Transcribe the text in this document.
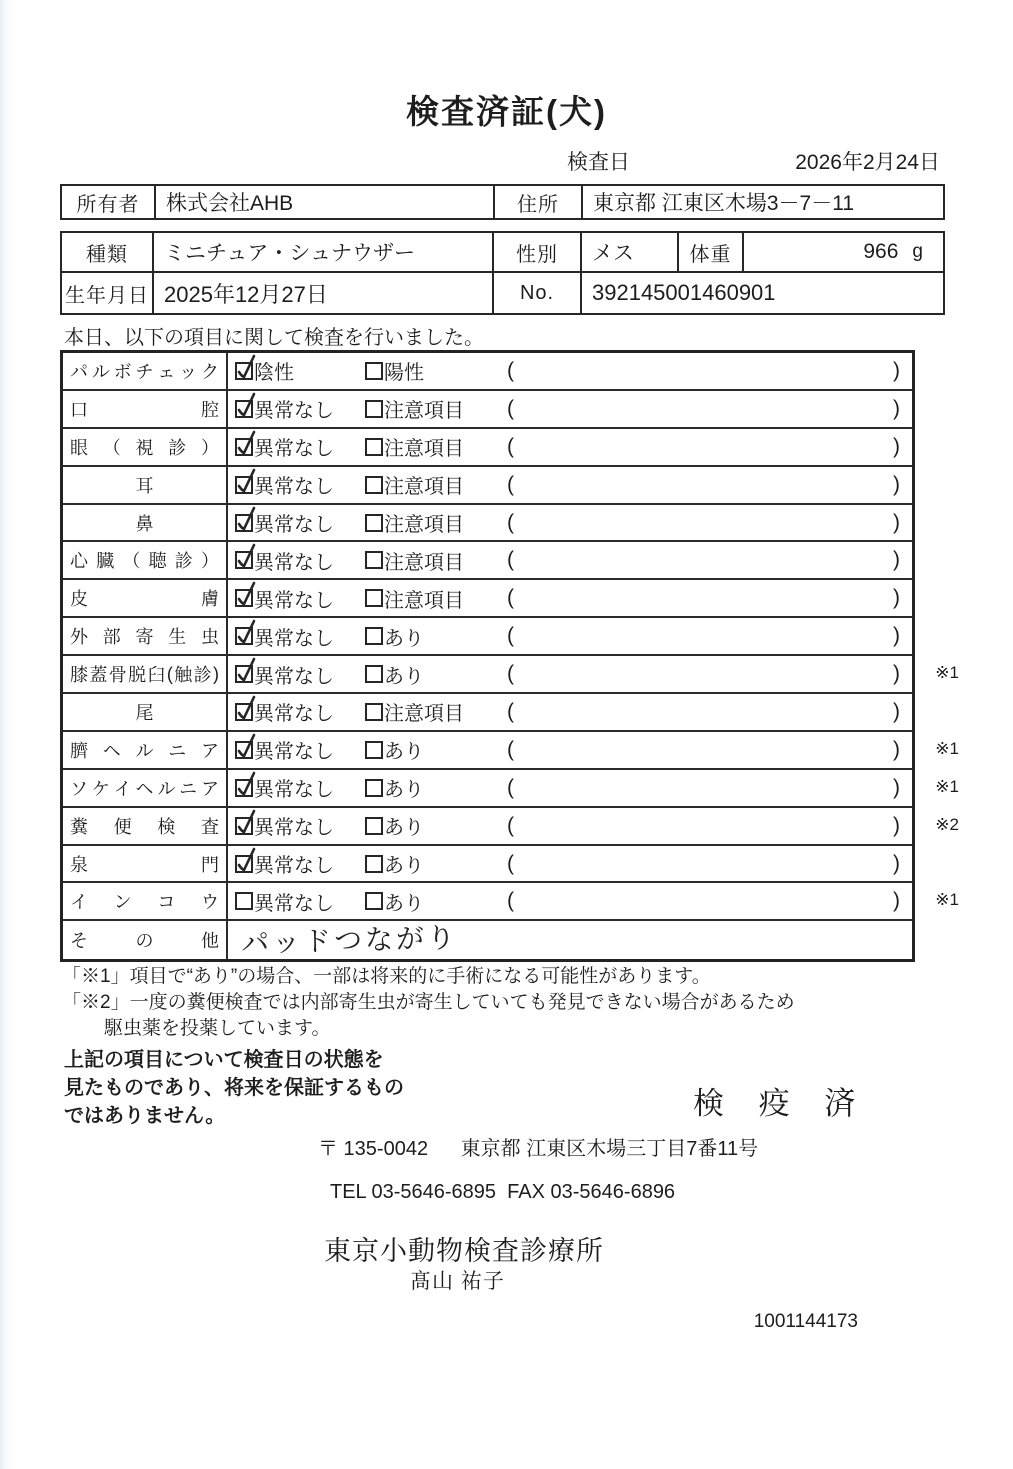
検査済証(犬)
検査日	2026年2月24日
所有者	株式会社AHB	住所	東京都 江東区木場3－7－11
種類	ミニチュア・シュナウザー	性別	メス	体重	966 g
生年月日 2025年12月27日	No.	392145001460901

本日、以下の項目に関して検査を行いました。

パ ル ボ チ ェ ッ ク 陰性	陽性	(	)
口	腔 異常なし	注意項目 (	)
眼 （ 視 診 ） 異常なし	注意項目 (	)
耳	異常なし	注意項目 (	)
鼻	異常なし	注意項目 (	)
心 臓 （ 聴 診 ） 異常なし	注意項目 (	)
皮	膚 異常なし	注意項目 (	)
外 部 寄 生 虫 異常なし	あり	(	)
膝 蓋 骨 脱 臼 ( 触 診 ) 異常なし	あり	(	) ※1
尾	異常なし	注意項目 (	)
臍 ヘ ル ニ ア 異常なし	あり	(	) ※1
ソ ケ イ ヘ ル ニ ア 異常なし	あり	(	) ※1
糞 便 検 査 異常なし	あり	(	) ※2
泉	門 異常なし	あり	(	)
イ ン コ ウ 異常なし	あり	(	) ※1
そ	の	他 パッドつながり
「※1」項目で“あり”の場合、一部は将来的に手術になる可能性があります。
「※2」一度の糞便検査では内部寄生虫が寄生していても発見できない場合があるため
駆虫薬を投薬しています。
上記の項目について検査日の状態を
見たものであり、将来を保証するもの
ではありません。	検 疫 済
〒 135-0042 東京都 江東区木場三丁目7番11号
TEL 03-5646-6895  FAX 03-5646-6896
東京小動物検査診療所
髙山 祐子
1001144173
